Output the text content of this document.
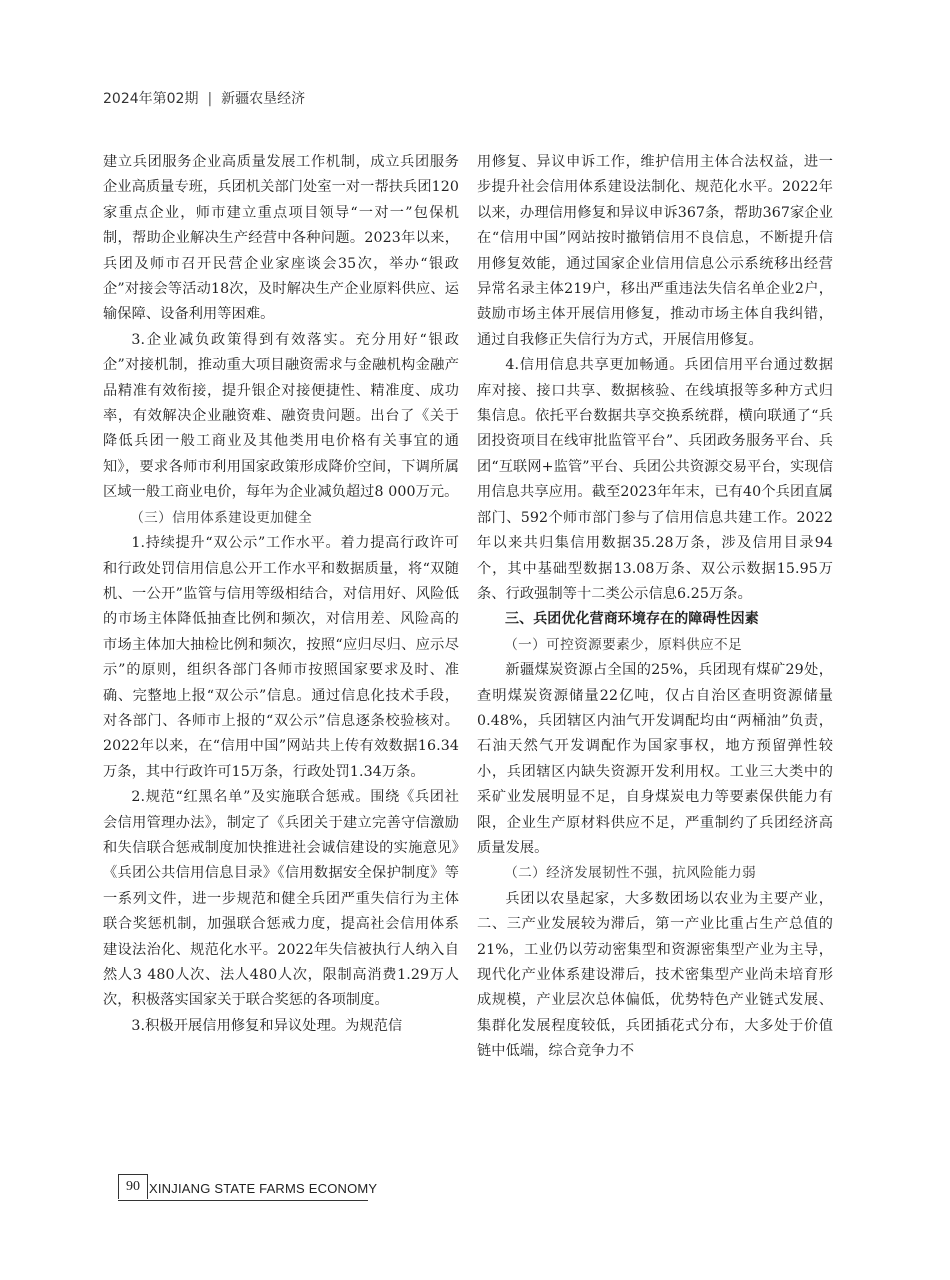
2024年第02期 | 新疆农垦经济

建立兵团服务企业高质量发展工作机制，成立兵团服务企业高质量专班，兵团机关部门处室一对一帮扶兵团120家重点企业，师市建立重点项目领导“一对一”包保机制，帮助企业解决生产经营中各种问题。2023年以来，兵团及师市召开民营企业家座谈会35次，举办“银政企”对接会等活动18次，及时解决生产企业原料供应、运输保障、设备利用等困难。

3.企业减负政策得到有效落实。充分用好“银政企”对接机制，推动重大项目融资需求与金融机构金融产品精准有效衔接，提升银企对接便捷性、精准度、成功率，有效解决企业融资难、融资贵问题。出台了《关于降低兵团一般工商业及其他类用电价格有关事宜的通知》，要求各师市利用国家政策形成降价空间，下调所属区域一般工商业电价，每年为企业减负超过8 000万元。

（三）信用体系建设更加健全

1.持续提升“双公示”工作水平。着力提高行政许可和行政处罚信用信息公开工作水平和数据质量，将“双随机、一公开”监管与信用等级相结合，对信用好、风险低的市场主体降低抽查比例和频次，对信用差、风险高的市场主体加大抽检比例和频次，按照“应归尽归、应示尽示”的原则，组织各部门各师市按照国家要求及时、准确、完整地上报“双公示”信息。通过信息化技术手段，对各部门、各师市上报的“双公示”信息逐条校验核对。2022年以来，在“信用中国”网站共上传有效数据16.34万条，其中行政许可15万条，行政处罚1.34万条。

2.规范“红黑名单”及实施联合惩戒。围绕《兵团社会信用管理办法》，制定了《兵团关于建立完善守信激励和失信联合惩戒制度加快推进社会诚信建设的实施意见》《兵团公共信用信息目录》《信用数据安全保护制度》等一系列文件，进一步规范和健全兵团严重失信行为主体联合奖惩机制，加强联合惩戒力度，提高社会信用体系建设法治化、规范化水平。2022年失信被执行人纳入自然人3 480人次、法人480人次，限制高消费1.29万人次，积极落实国家关于联合奖惩的各项制度。

3.积极开展信用修复和异议处理。为规范信

用修复、异议申诉工作，维护信用主体合法权益，进一步提升社会信用体系建设法制化、规范化水平。2022年以来，办理信用修复和异议申诉367条，帮助367家企业在“信用中国”网站按时撤销信用不良信息，不断提升信用修复效能，通过国家企业信用信息公示系统移出经营异常名录主体219户，移出严重违法失信名单企业2户，鼓励市场主体开展信用修复，推动市场主体自我纠错，通过自我修正失信行为方式，开展信用修复。

4.信用信息共享更加畅通。兵团信用平台通过数据库对接、接口共享、数据核验、在线填报等多种方式归集信息。依托平台数据共享交换系统群，横向联通了“兵团投资项目在线审批监管平台”、兵团政务服务平台、兵团“互联网+监管”平台、兵团公共资源交易平台，实现信用信息共享应用。截至2023年年末，已有40个兵团直属部门、592个师市部门参与了信用信息共建工作。2022年以来共归集信用数据35.28万条，涉及信用目录94个，其中基础型数据13.08万条、双公示数据15.95万条、行政强制等十二类公示信息6.25万条。

三、兵团优化营商环境存在的障碍性因素

（一）可控资源要素少，原料供应不足

新疆煤炭资源占全国的25%，兵团现有煤矿29处，查明煤炭资源储量22亿吨，仅占自治区查明资源储量0.48%，兵团辖区内油气开发调配均由“两桶油”负责，石油天然气开发调配作为国家事权，地方预留弹性较小，兵团辖区内缺失资源开发利用权。工业三大类中的采矿业发展明显不足，自身煤炭电力等要素保供能力有限，企业生产原材料供应不足，严重制约了兵团经济高质量发展。

（二）经济发展韧性不强，抗风险能力弱

兵团以农垦起家，大多数团场以农业为主要产业，二、三产业发展较为滞后，第一产业比重占生产总值的21%，工业仍以劳动密集型和资源密集型产业为主导，现代化产业体系建设滞后，技术密集型产业尚未培育形成规模，产业层次总体偏低，优势特色产业链式发展、集群化发展程度较低，兵团插花式分布，大多处于价值链中低端，综合竞争力不

90 XINJIANG STATE FARMS ECONOMY
